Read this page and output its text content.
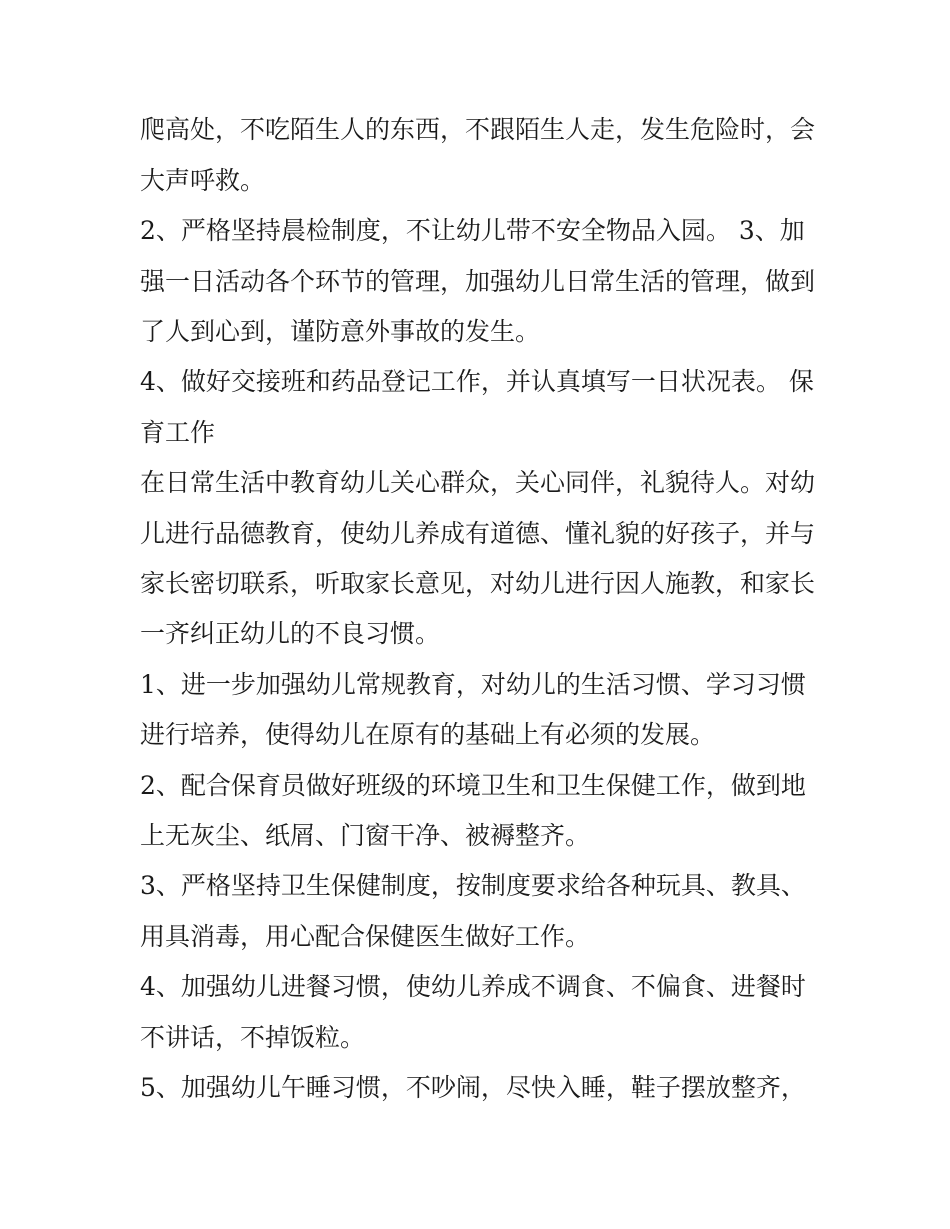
爬高处，不吃陌生人的东西，不跟陌生人走，发生危险时，会
大声呼救。
2、严格坚持晨检制度，不让幼儿带不安全物品入园。 3、加
强一日活动各个环节的管理，加强幼儿日常生活的管理，做到
了人到心到，谨防意外事故的发生。
4、做好交接班和药品登记工作，并认真填写一日状况表。 保
育工作
在日常生活中教育幼儿关心群众，关心同伴，礼貌待人。对幼
儿进行品德教育，使幼儿养成有道德、懂礼貌的好孩子，并与
家长密切联系，听取家长意见，对幼儿进行因人施教，和家长
一齐纠正幼儿的不良习惯。
1、进一步加强幼儿常规教育，对幼儿的生活习惯、学习习惯
进行培养，使得幼儿在原有的基础上有必须的发展。
2、配合保育员做好班级的环境卫生和卫生保健工作，做到地
上无灰尘、纸屑、门窗干净、被褥整齐。
3、严格坚持卫生保健制度，按制度要求给各种玩具、教具、
用具消毒，用心配合保健医生做好工作。
4、加强幼儿进餐习惯，使幼儿养成不调食、不偏食、进餐时
不讲话，不掉饭粒。
5、加强幼儿午睡习惯，不吵闹，尽快入睡，鞋子摆放整齐，
